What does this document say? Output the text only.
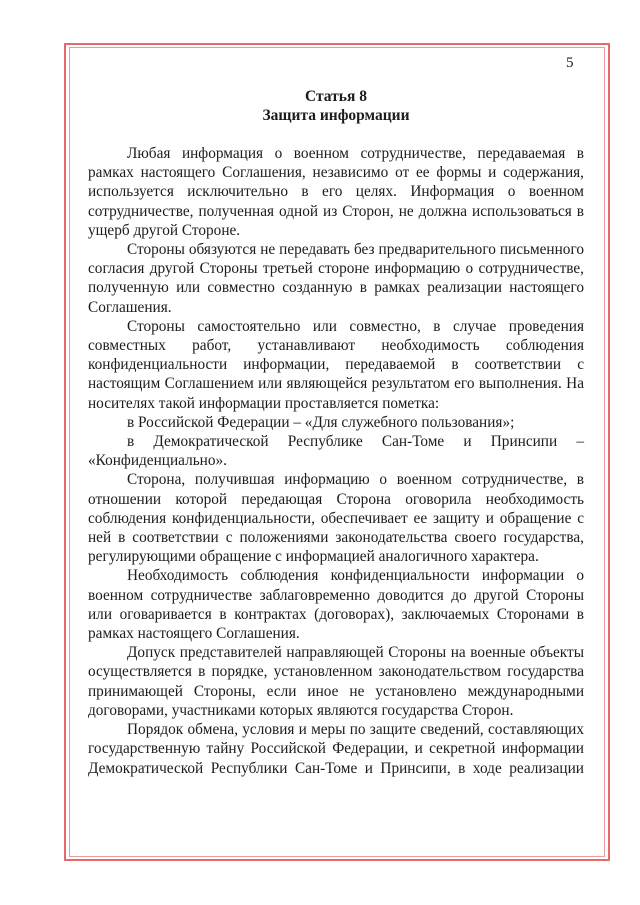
5
Статья 8
Защита информации

Любая информация о военном сотрудничестве, передаваемая в рамках настоящего Соглашения, независимо от ее формы и содержания, используется исключительно в его целях. Информация о военном сотрудничестве, полученная одной из Сторон, не должна использоваться в ущерб другой Стороне.

Стороны обязуются не передавать без предварительного письменного согласия другой Стороны третьей стороне информацию о сотрудничестве, полученную или совместно созданную в рамках реализации настоящего Соглашения.

Стороны самостоятельно или совместно, в случае проведения совместных работ, устанавливают необходимость соблюдения конфиденциальности информации, передаваемой в соответствии с настоящим Соглашением или являющейся результатом его выполнения. На носителях такой информации проставляется пометка:

в Российской Федерации – «Для служебного пользования»;

в Демократической Республике Сан-Томе и Принсипи – «Конфиденциально».

Сторона, получившая информацию о военном сотрудничестве, в отношении которой передающая Сторона оговорила необходимость соблюдения конфиденциальности, обеспечивает ее защиту и обращение с ней в соответствии с положениями законодательства своего государства, регулирующими обращение с информацией аналогичного характера.

Необходимость соблюдения конфиденциальности информации о военном сотрудничестве заблаговременно доводится до другой Стороны или оговаривается в контрактах (договорах), заключаемых Сторонами в рамках настоящего Соглашения.

Допуск представителей направляющей Стороны на военные объекты осуществляется в порядке, установленном законодательством государства принимающей Стороны, если иное не установлено международными договорами, участниками которых являются государства Сторон.

Порядок обмена, условия и меры по защите сведений, составляющих государственную тайну Российской Федерации, и секретной информации Демократической Республики Сан-Томе и Принсипи, в ходе реализации
